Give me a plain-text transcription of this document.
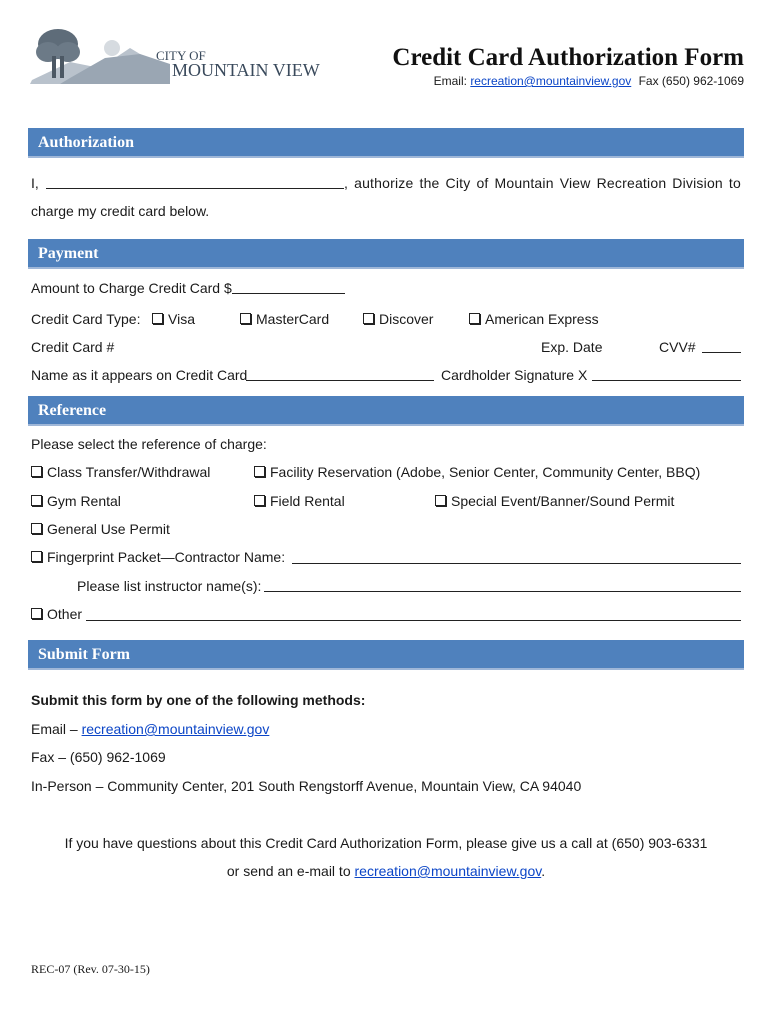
CITY OF
MOUNTAIN VIEW	Credit Card Authorization Form
Email: recreation@mountainview.gov Fax (650) 962-1069
Authorization
I,	, authorize the City of Mountain View Recreation Division to
charge my credit card below.
Payment
Amount to Charge Credit Card $
Credit Card Type:	Visa	MasterCard	Discover	American Express
Credit Card #	Exp. Date	CVV#
Name as it appears on Credit Card	Cardholder Signature X
Reference
Please select the reference of charge:
Class Transfer/Withdrawal	Facility Reservation (Adobe, Senior Center, Community Center, BBQ)
Gym Rental	Field Rental	Special Event/Banner/Sound Permit
General Use Permit
Fingerprint Packet—Contractor Name:
Please list instructor name(s):
Other
Submit Form
Submit this form by one of the following methods:
Email – recreation@mountainview.gov
Fax – (650) 962-1069
In-Person – Community Center, 201 South Rengstorff Avenue, Mountain View, CA 94040
If you have questions about this Credit Card Authorization Form, please give us a call at (650) 903-6331
or send an e-mail to recreation@mountainview.gov.
REC-07 (Rev. 07-30-15)
